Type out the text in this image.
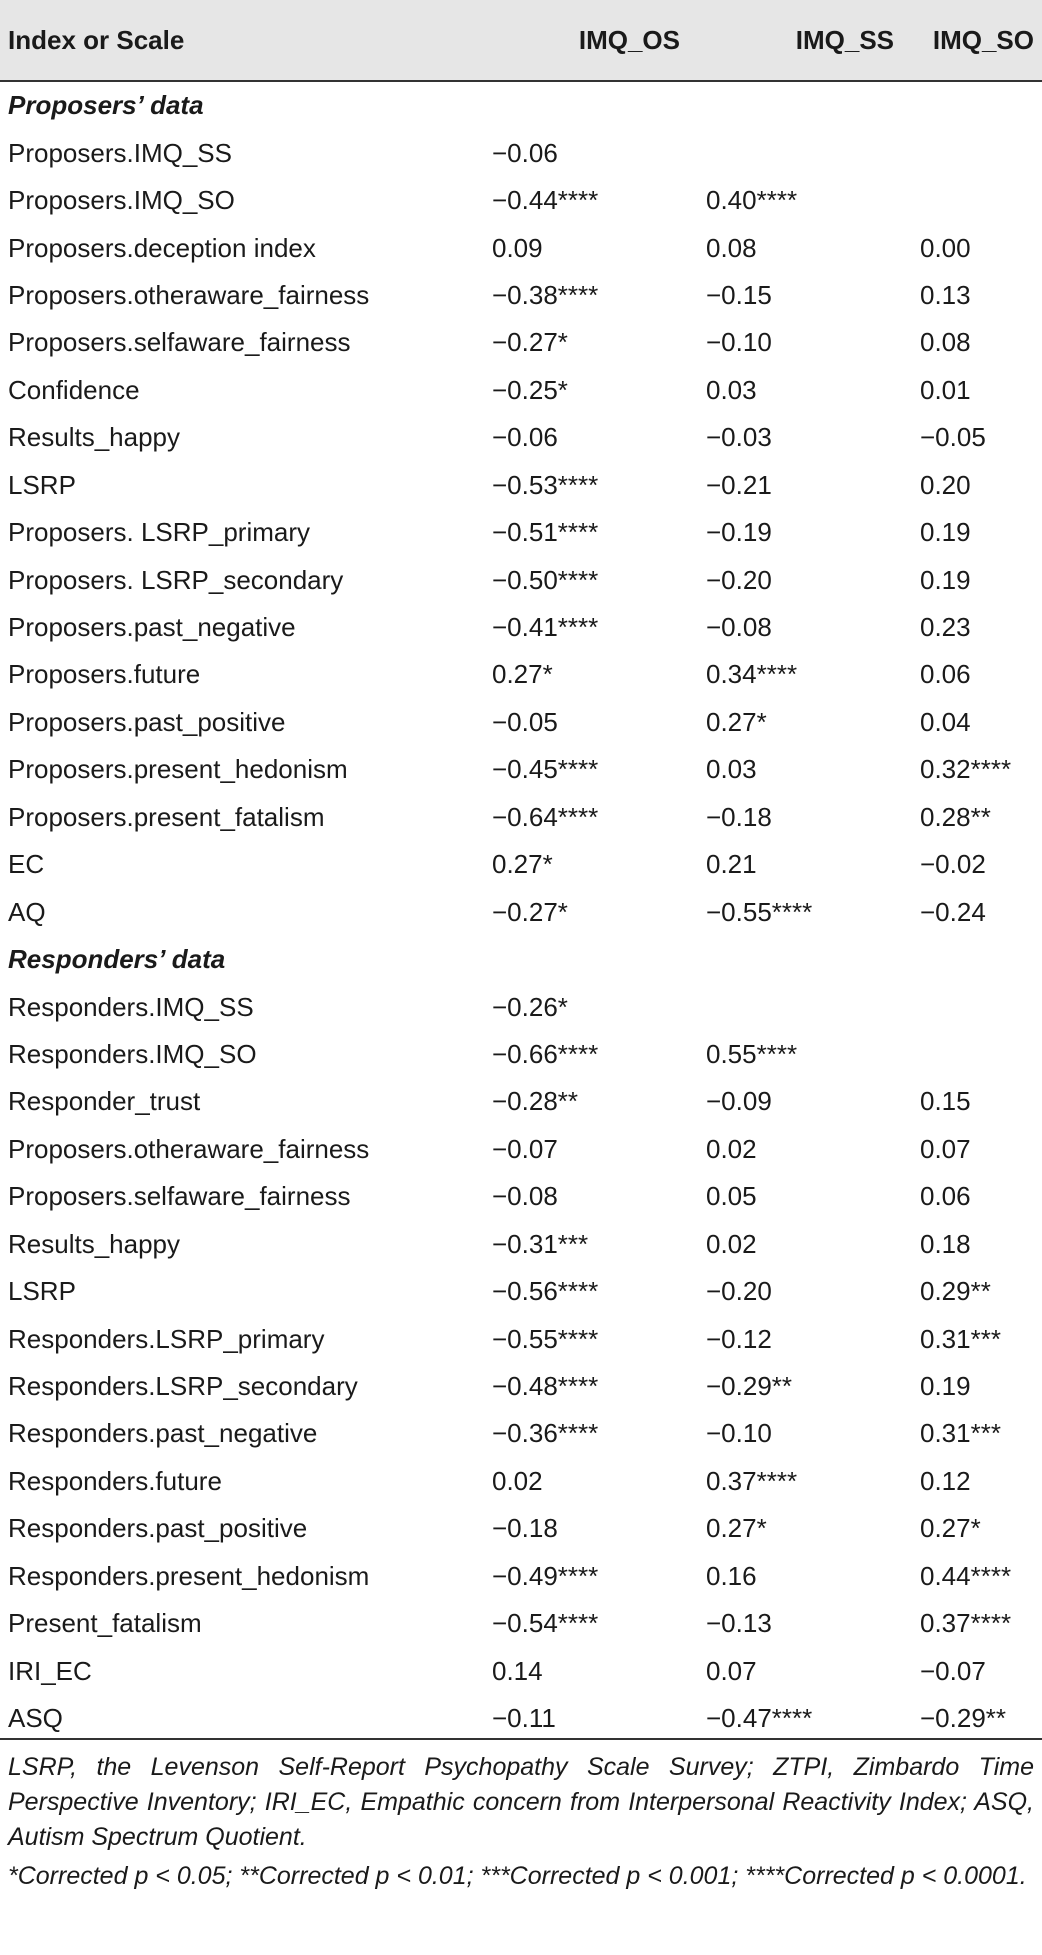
Index or Scale	IMQ_OS	IMQ_SS	IMQ_SO
Proposers’ data			
Proposers.IMQ_SS	−0.06		
Proposers.IMQ_SO	−0.44****	0.40****	
Proposers.deception index	0.09	0.08	0.00
Proposers.otheraware_fairness	−0.38****	−0.15	0.13
Proposers.selfaware_fairness	−0.27*	−0.10	0.08
Confidence	−0.25*	0.03	0.01
Results_happy	−0.06	−0.03	−0.05
LSRP	−0.53****	−0.21	0.20
Proposers. LSRP_primary	−0.51****	−0.19	0.19
Proposers. LSRP_secondary	−0.50****	−0.20	0.19
Proposers.past_negative	−0.41****	−0.08	0.23
Proposers.future	0.27*	0.34****	0.06
Proposers.past_positive	−0.05	0.27*	0.04
Proposers.present_hedonism	−0.45****	0.03	0.32****
Proposers.present_fatalism	−0.64****	−0.18	0.28**
EC	0.27*	0.21	−0.02
AQ	−0.27*	−0.55****	−0.24
Responders’ data			
Responders.IMQ_SS	−0.26*		
Responders.IMQ_SO	−0.66****	0.55****	
Responder_trust	−0.28**	−0.09	0.15
Proposers.otheraware_fairness	−0.07	0.02	0.07
Proposers.selfaware_fairness	−0.08	0.05	0.06
Results_happy	−0.31***	0.02	0.18
LSRP	−0.56****	−0.20	0.29**
Responders.LSRP_primary	−0.55****	−0.12	0.31***
Responders.LSRP_secondary	−0.48****	−0.29**	0.19
Responders.past_negative	−0.36****	−0.10	0.31***
Responders.future	0.02	0.37****	0.12
Responders.past_positive	−0.18	0.27*	0.27*
Responders.present_hedonism	−0.49****	0.16	0.44****
Present_fatalism	−0.54****	−0.13	0.37****
IRI_EC	0.14	0.07	−0.07
ASQ	−0.11	−0.47****	−0.29**

LSRP, the Levenson Self-Report Psychopathy Scale Survey; ZTPI, Zimbardo Time Perspective Inventory; IRI_EC, Empathic concern from Interpersonal Reactivity Index; ASQ, Autism Spectrum Quotient.

*Corrected p < 0.05; **Corrected p < 0.01; ***Corrected p < 0.001; ****Corrected p < 0.0001.
